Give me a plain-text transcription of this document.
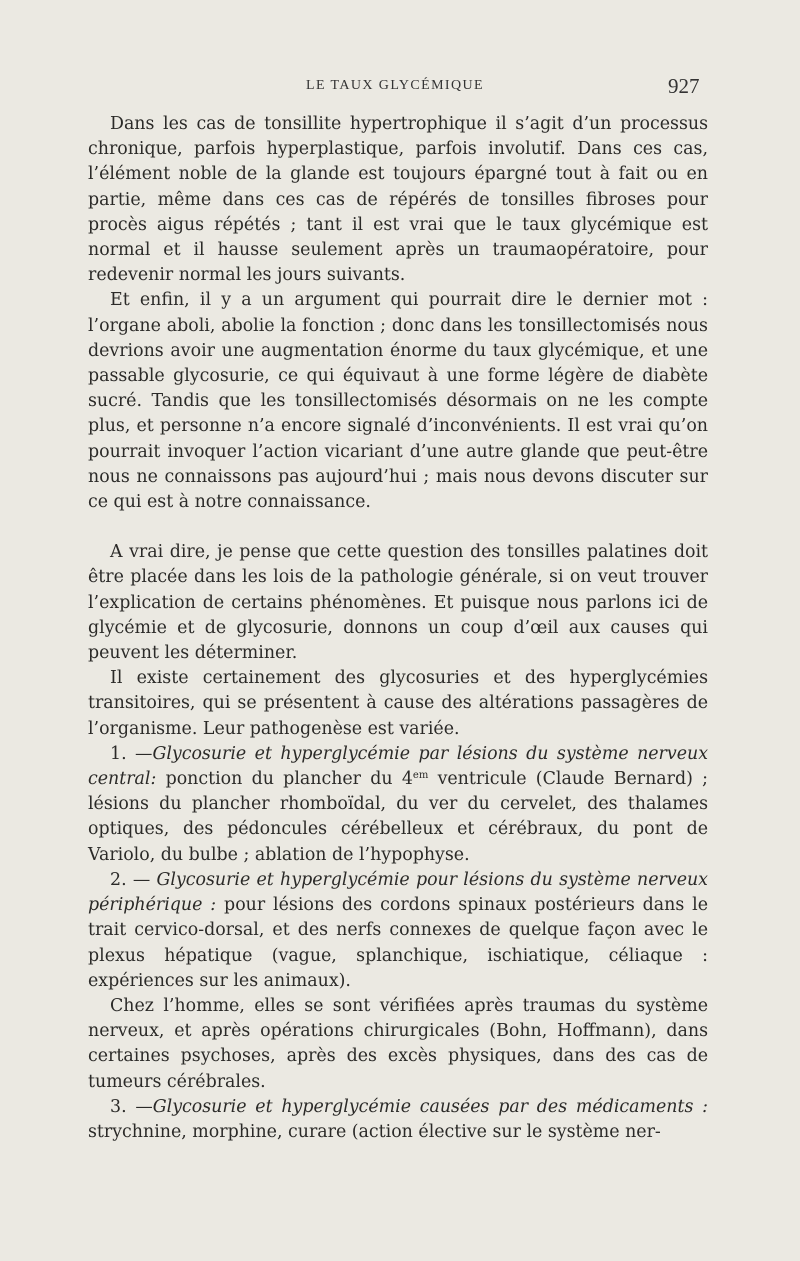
LE TAUX GLYCÉMIQUE	927

Dans les cas de tonsillite hypertrophique il s’agit d’un processus chronique, parfois hyperplastique, parfois involutif. Dans ces cas, l’élément noble de la glande est toujours épargné tout à fait ou en partie, même dans ces cas de répérés de tonsilles fibroses pour procès aigus répétés ; tant il est vrai que le taux glycémique est normal et il hausse seulement après un traumaopératoire, pour redevenir normal les jours suivants.

Et enfin, il y a un argument qui pourrait dire le dernier mot : l’organe aboli, abolie la fonction ; donc dans les tonsillectomisés nous devrions avoir une augmentation énorme du taux glycémique, et une passable glycosurie, ce qui équivaut à une forme légère de diabète sucré. Tandis que les tonsillectomisés désormais on ne les compte plus, et personne n’a encore signalé d’inconvénients. Il est vrai qu’on pourrait invoquer l’action vicariant d’une autre glande que peut-être nous ne connaissons pas aujourd’hui ; mais nous devons discuter sur ce qui est à notre connaissance.

A vrai dire, je pense que cette question des tonsilles palatines doit être placée dans les lois de la pathologie générale, si on veut trouver l’explication de certains phénomènes. Et puisque nous parlons ici de glycémie et de glycosurie, donnons un coup d’œil aux causes qui peuvent les déterminer.

Il existe certainement des glycosuries et des hyperglycémies transitoires, qui se présentent à cause des altérations passagères de l’organisme. Leur pathogenèse est variée.

1. —Glycosurie et hyperglycémie par lésions du système nerveux central: ponction du plancher du $4^{em}$ ventricule (Claude Bernard) ; lésions du plancher rhomboïdal, du ver du cervelet, des thalames optiques, des pédoncules cérébelleux et cérébraux, du pont de Variolo, du bulbe ; ablation de l’hypophyse.

2. — Glycosurie et hyperglycémie pour lésions du système nerveux périphérique : pour lésions des cordons spinaux postérieurs dans le trait cervico-dorsal, et des nerfs connexes de quelque façon avec le plexus hépatique (vague, splanchique, ischiatique, céliaque : expériences sur les animaux).

Chez l’homme, elles se sont vérifiées après traumas du système nerveux, et après opérations chirurgicales (Bohn, Hoffmann), dans certaines psychoses, après des excès physiques, dans des cas de tumeurs cérébrales.

3. —Glycosurie et hyperglycémie causées par des médicaments : strychnine, morphine, curare (action élective sur le système ner-
